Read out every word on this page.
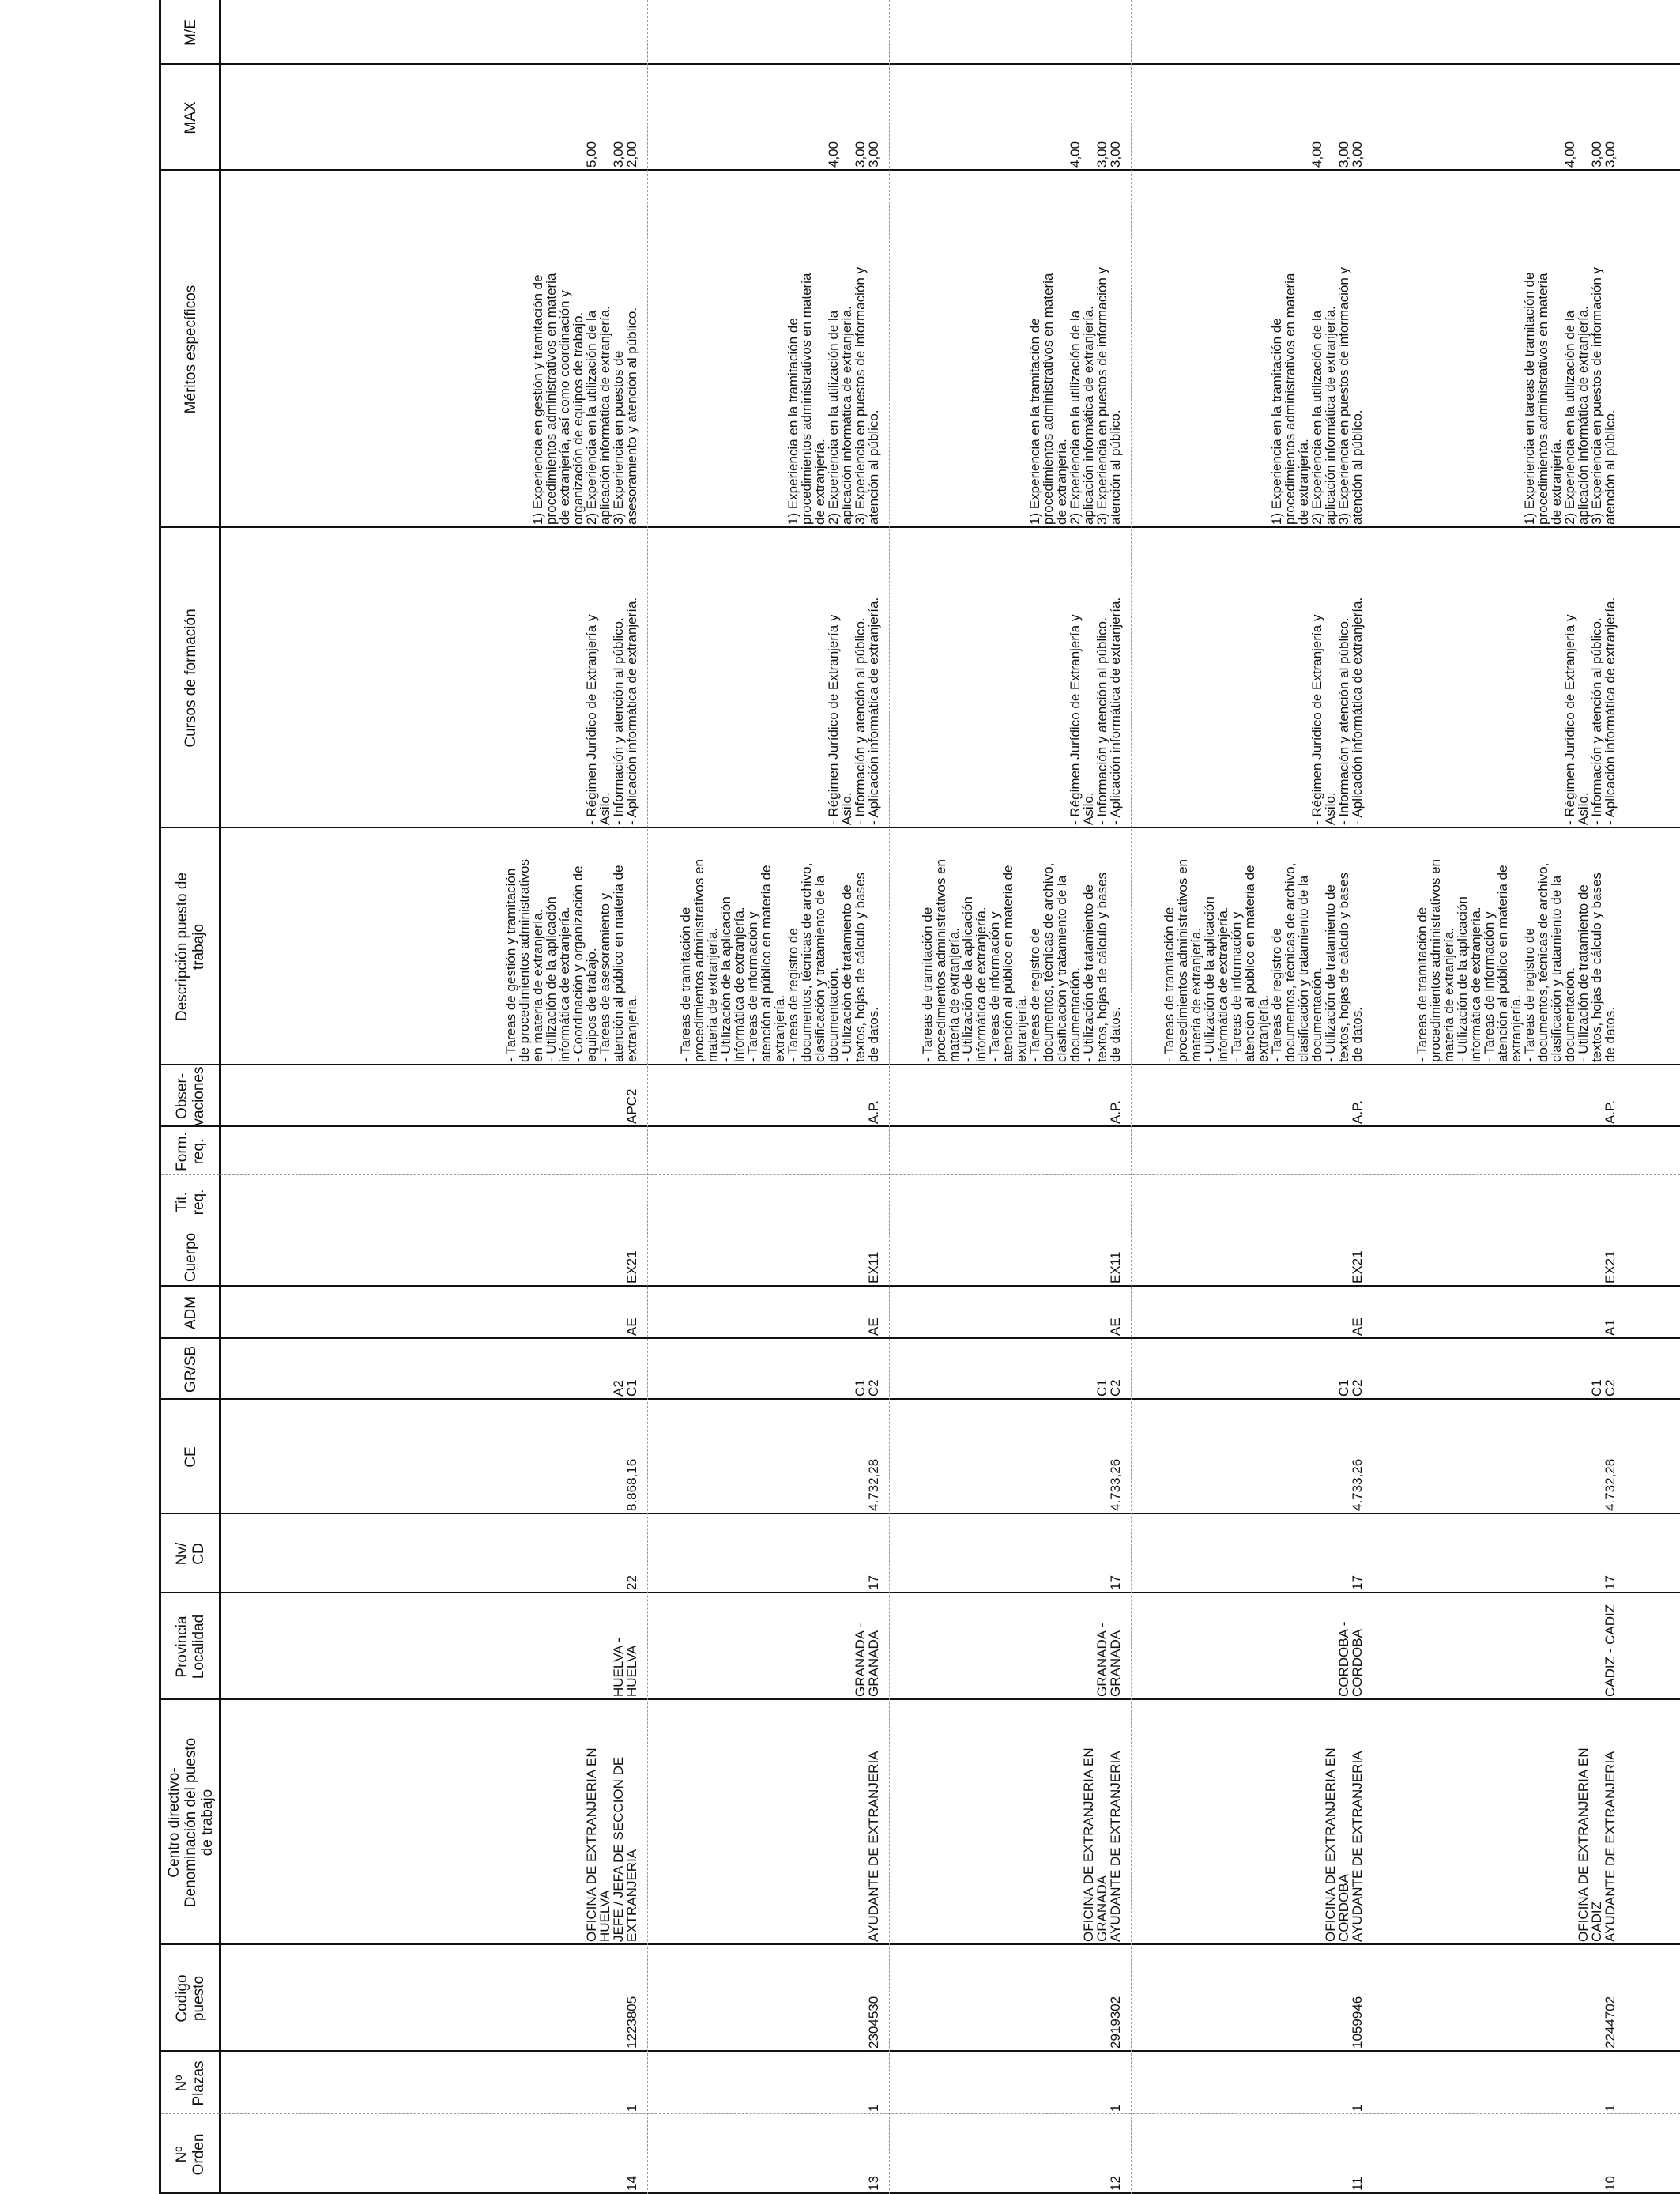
Nº
Orden
Nº
Plazas
Codigo
puesto
Centro directivo-
Denominación del puesto
de trabajo
Provincia
Localidad
Nv/
CD
CE
GR/SB
ADM
Cuerpo
Tit.
req.
Form.
req.
Obser-
vaciones
Descripción puesto de
trabajo
Cursos de formación
Méritos específicos
MAX
M/E
10
1
2244702
OFICINA DE EXTRANJERIA EN
CADIZ
AYUDANTE DE EXTRANJERIA
CADIZ - CADIZ
17
4.732,28
C1
C2
A1
EX21
A.P.
- Tareas de tramitación de
procedimientos administrativos en
materia de extranjería.
- Utilización de la aplicación
informática de extranjería.
- Tareas de información y
atención al público en materia de
extranjería.
- Tareas de registro de
documentos, técnicas de archivo,
clasificación y tratamiento de la
documentación.
- Utilización de tratamiento de
textos, hojas de cálculo y bases
de datos.
- Régimen Jurídico de Extranjería y
Asilo.
- Información y atención al público.
- Aplicación informática de extranjería.
1) Experiencia en tareas de tramitación de
procedimientos administrativos en materia
de extranjería.
2) Experiencia en la utilización de la
aplicación informática de extranjería.
3) Experiencia en puestos de información y
atención al público.
4,00

3,00
3,00
11
1
1059946
OFICINA DE EXTRANJERIA EN
CORDOBA
AYUDANTE DE EXTRANJERIA
CORDOBA -
CORDOBA
17
4.733,26
C1
C2
AE
EX21
A.P.
- Tareas de tramitación de
procedimientos administrativos en
materia de extranjería.
- Utilización de la aplicación
informática de extranjería.
- Tareas de información y
atención al público en materia de
extranjería.
- Tareas de registro de
documentos, técnicas de archivo,
clasificación y tratamiento de la
documentación.
- Utilización de tratamiento de
textos, hojas de cálculo y bases
de datos.
- Régimen Jurídico de Extranjería y
Asilo.
- Información y atención al público.
- Aplicación informática de extranjería.
1) Experiencia en la tramitación de
procedimientos administrativos en materia
de extranjería.
2) Experiencia en la utilización de la
aplicación informática de extranjería.
3) Experiencia en puestos de información y
atención al público.
4,00

3,00
3,00
12
1
2919302
OFICINA DE EXTRANJERIA EN
GRANADA
AYUDANTE DE EXTRANJERIA
GRANADA -
GRANADA
17
4.733,26
C1
C2
AE
EX11
A.P.
- Tareas de tramitación de
procedimientos administrativos en
materia de extranjería.
- Utilización de la aplicación
informática de extranjería.
- Tareas de información y
atención al público en materia de
extranjería.
- Tareas de registro de
documentos, técnicas de archivo,
clasificación y tratamiento de la
documentación.
- Utilización de tratamiento de
textos, hojas de cálculo y bases
de datos.
- Régimen Jurídico de Extranjería y
Asilo.
- Información y atención al público.
- Aplicación informática de extranjería.
1) Experiencia en la tramitación de
procedimientos administrativos en materia
de extranjería.
2) Experiencia en la utilización de la
aplicación informática de extranjería.
3) Experiencia en puestos de información y
atención al público.
4,00

3,00
3,00
13
1
2304530
AYUDANTE DE EXTRANJERIA
GRANADA -
GRANADA
17
4.732,28
C1
C2
AE
EX11
A.P.
- Tareas de tramitación de
procedimientos administrativos en
materia de extranjería.
- Utilización de la aplicación
informática de extranjería.
- Tareas de información y
atención al público en materia de
extranjería.
- Tareas de registro de
documentos, técnicas de archivo,
clasificación y tratamiento de la
documentación.
- Utilización de tratamiento de
textos, hojas de cálculo y bases
de datos.
- Régimen Jurídico de Extranjería y
Asilo.
- Información y atención al público.
- Aplicación informática de extranjería.
1) Experiencia en la tramitación de
procedimientos administrativos en materia
de extranjería.
2) Experiencia en la utilización de la
aplicación informática de extranjería.
3) Experiencia en puestos de información y
atención al público.
4,00

3,00
3,00
14
1
1223805
OFICINA DE EXTRANJERIA EN
HUELVA
JEFE / JEFA DE SECCION DE
EXTRANJERIA
HUELVA -
HUELVA
22
8.868,16
A2
C1
AE
EX21
APC2
- Tareas de gestión y tramitación
de procedimientos administrativos
en materia de extranjería.
- Utilización de la aplicación
informática de extranjería.
- Coordinación y organización de
equipos de trabajo.
- Tareas de asesoramiento y
atención al público en materia de
extranjería.
- Régimen Jurídico de Extranjería y
Asilo.
- Información y atención al público.
- Aplicación informática de extranjería.
1) Experiencia en gestión y tramitación de
procedimientos administrativos en materia
de extranjería, así como coordinación y
organización de equipos de trabajo.
2) Experiencia en la utilización de la
aplicación informática de extranjería.
3) Experiencia en puestos de
asesoramiento y atención al público.
5,00

3,00
2,00
